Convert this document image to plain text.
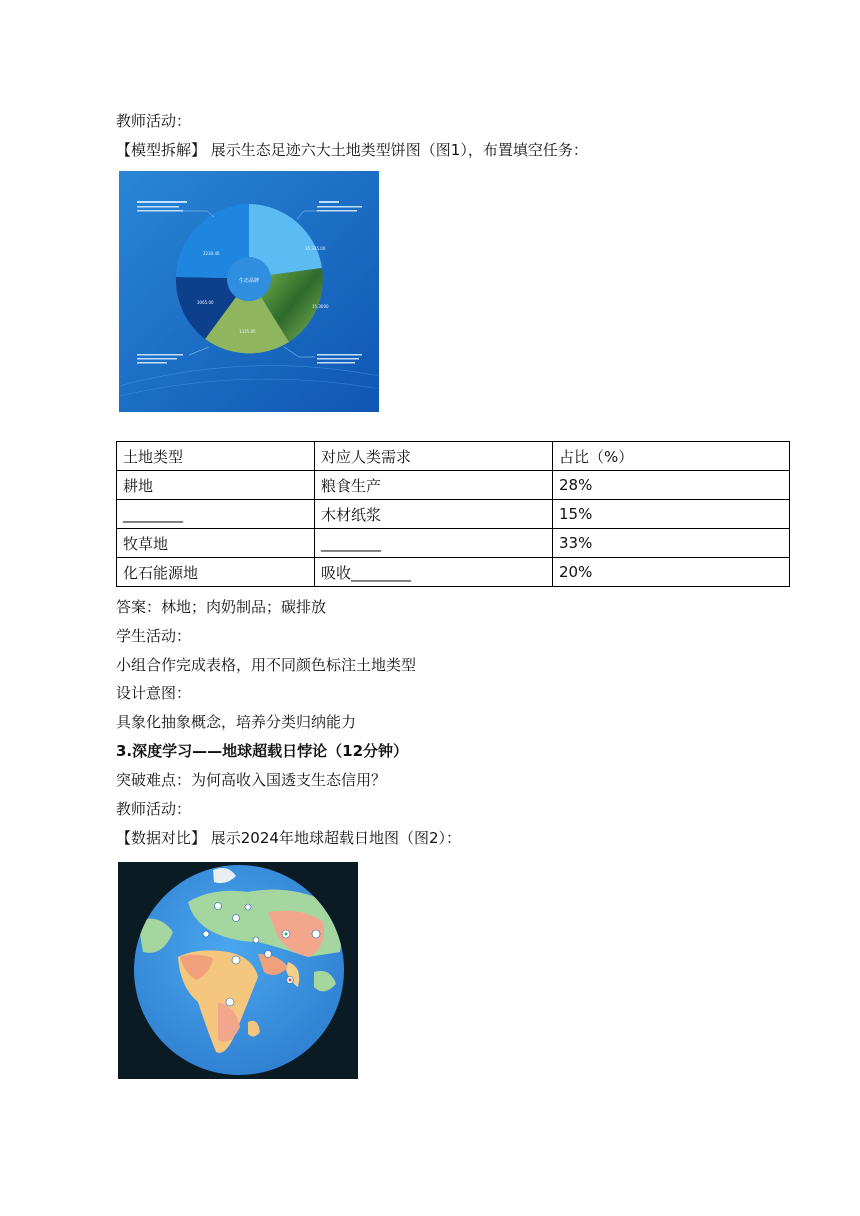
教师活动：
【模型拆解】 展示生态足迹六大土地类型饼图（图1），布置填空任务：
生态品牌
35,335.00
15,3000
1335.00
3065.00
2230.46
土地类型	对应人类需求	占比（%）
耕地	粮食生产	28%
________	木材纸浆	15%
牧草地	________	33%
化石能源地	吸收________	20%
答案：林地；肉奶制品；碳排放
学生活动：
小组合作完成表格，用不同颜色标注土地类型
设计意图：
具象化抽象概念，培养分类归纳能力
3.深度学习——地球超载日悖论（12分钟）
突破难点：为何高收入国透支生态信用？
教师活动：
【数据对比】 展示2024年地球超载日地图（图2）：
